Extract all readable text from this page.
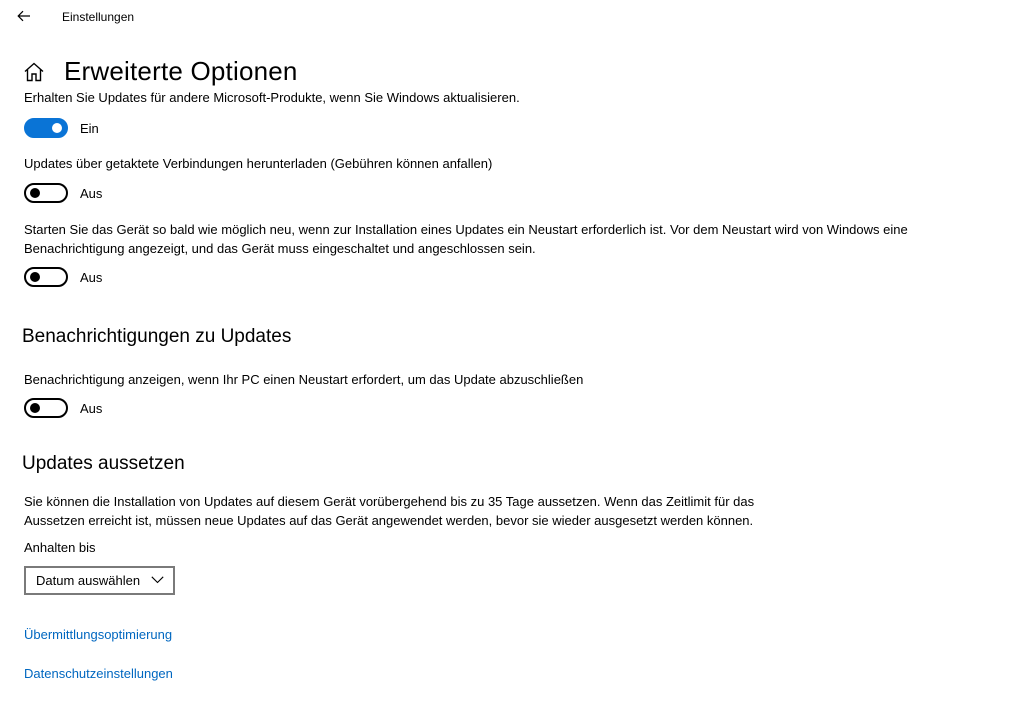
Einstellungen
Erweiterte Optionen
Erhalten Sie Updates für andere Microsoft-Produkte, wenn Sie Windows aktualisieren.
Ein
Updates über getaktete Verbindungen herunterladen (Gebühren können anfallen)
Aus
Starten Sie das Gerät so bald wie möglich neu, wenn zur Installation eines Updates ein Neustart erforderlich ist. Vor dem Neustart wird von Windows eine Benachrichtigung angezeigt, und das Gerät muss eingeschaltet und angeschlossen sein.
Aus
Benachrichtigungen zu Updates
Benachrichtigung anzeigen, wenn Ihr PC einen Neustart erfordert, um das Update abzuschließen
Aus
Updates aussetzen
Sie können die Installation von Updates auf diesem Gerät vorübergehend bis zu 35 Tage aussetzen. Wenn das Zeitlimit für das Aussetzen erreicht ist, müssen neue Updates auf das Gerät angewendet werden, bevor sie wieder ausgesetzt werden können.
Anhalten bis
Datum auswählen
Übermittlungsoptimierung
Datenschutzeinstellungen
